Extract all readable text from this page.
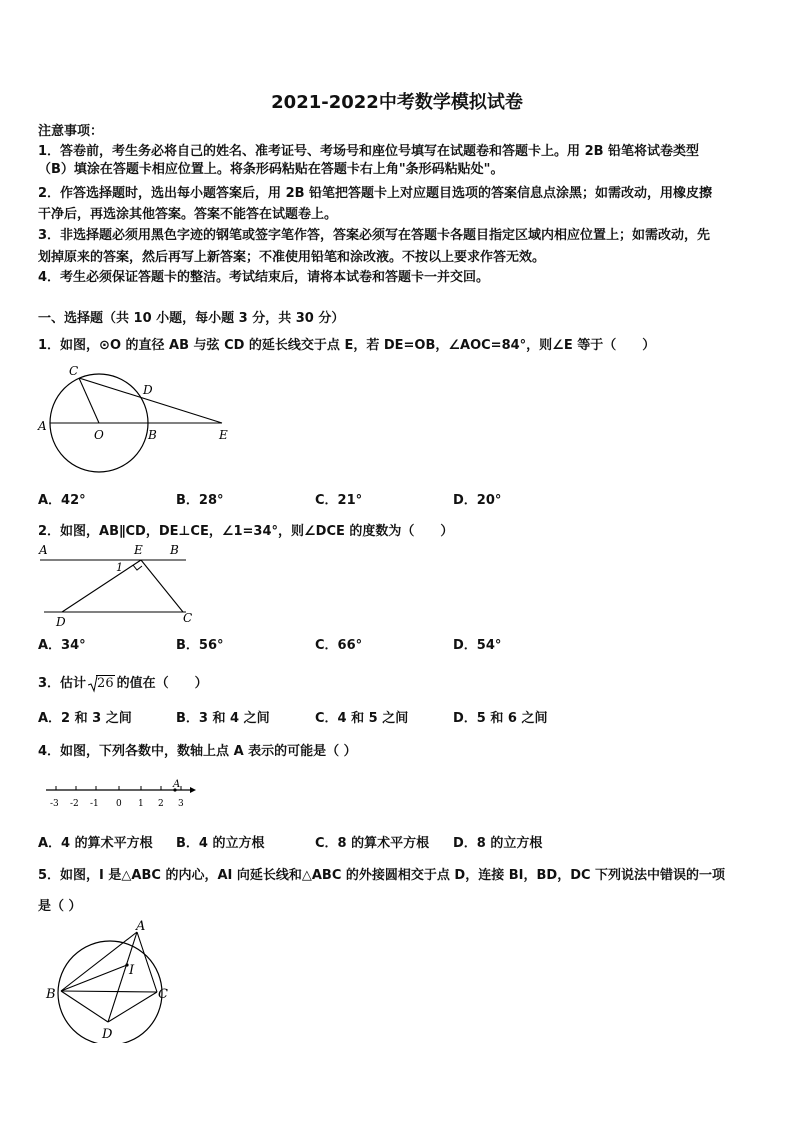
2021-2022中考数学模拟试卷
注意事项：
1．答卷前，考生务必将自己的姓名、准考证号、考场号和座位号填写在试题卷和答题卡上。用 2B 铅笔将试卷类型
（B）填涂在答题卡相应位置上。将条形码粘贴在答题卡右上角"条形码粘贴处"。
2．作答选择题时，选出每小题答案后，用 2B 铅笔把答题卡上对应题目选项的答案信息点涂黑；如需改动，用橡皮擦
干净后，再选涂其他答案。答案不能答在试题卷上。
3．非选择题必须用黑色字迹的钢笔或签字笔作答，答案必须写在答题卡各题目指定区域内相应位置上；如需改动，先
划掉原来的答案，然后再写上新答案；不准使用铅笔和涂改液。不按以上要求作答无效。
4．考生必须保证答题卡的整洁。考试结束后，请将本试卷和答题卡一并交回。
一、选择题（共 10 小题，每小题 3 分，共 30 分）
1．如图，⊙O 的直径 AB 与弦 CD 的延长线交于点 E，若 DE=OB，∠AOC=84°，则∠E 等于（　　）
C
D
A
O	B	E
A．42°	B．28°	C．21°	D．20°
2．如图，AB∥CD，DE⊥CE，∠1=34°，则∠DCE 的度数为（　　）
A	E B
1
D	C
A．34°	B．56°	C．66°	D．54°
3．估计 26 的值在（　　）
A．2 和 3 之间	B．3 和 4 之间	C．4 和 5 之间	D．5 和 6 之间
4．如图，下列各数中，数轴上点 A 表示的可能是（ ）
A
-3 -2 -1 0 1 2 3
A．4 的算术平方根 B．4 的立方根	C．8 的算术平方根 D．8 的立方根
5．如图，I 是△ABC 的内心，AI 向延长线和△ABC 的外接圆相交于点 D，连接 BI，BD，DC 下列说法中错误的一项
是（ ）
A
I
B	C
D
